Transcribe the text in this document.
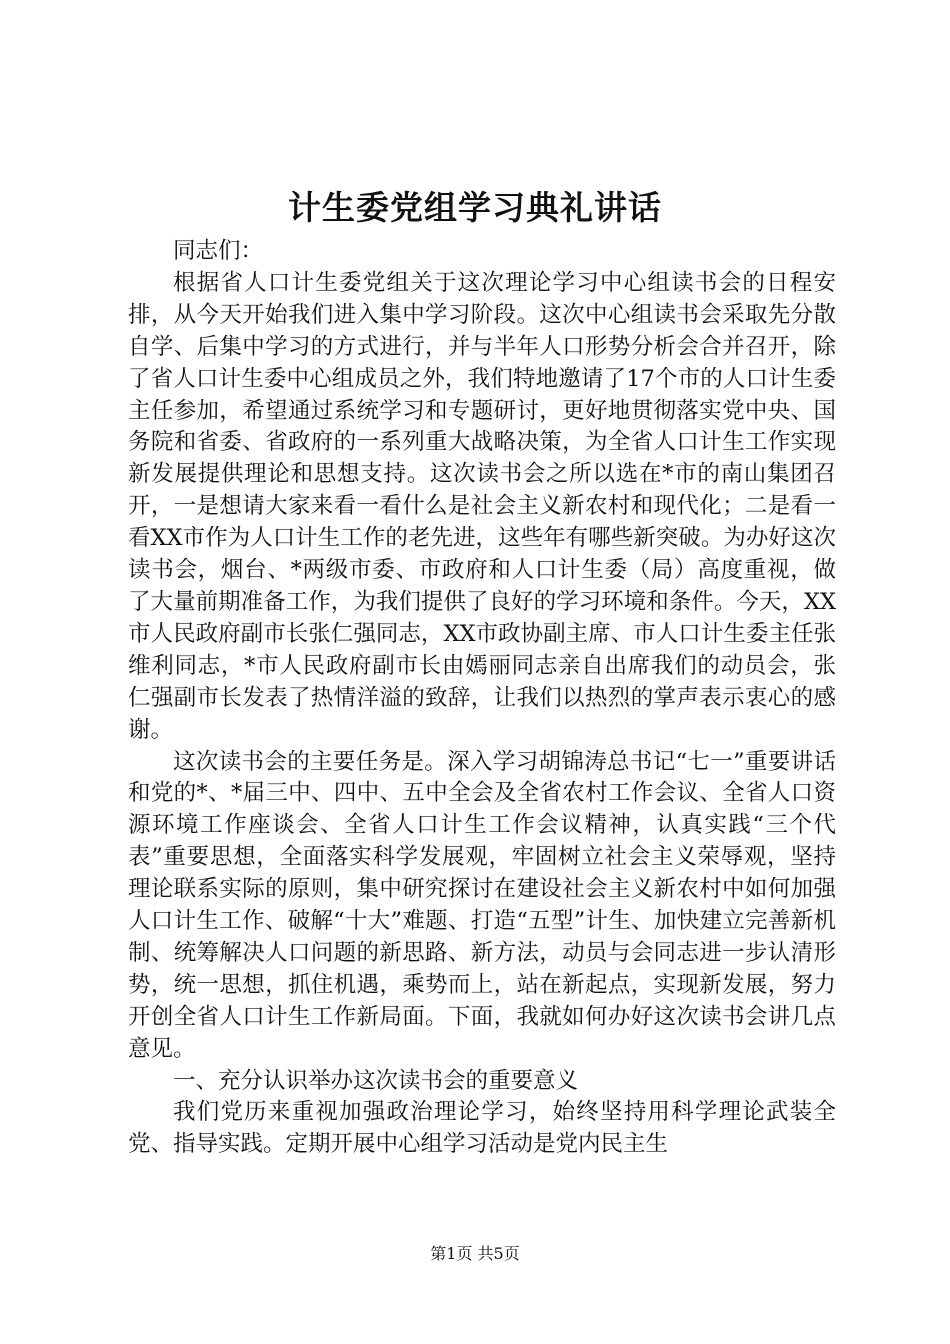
计生委党组学习典礼讲话

同志们：

根据省人口计生委党组关于这次理论学习中心组读书会的日程安排，从今天开始我们进入集中学习阶段。这次中心组读书会采取先分散自学、后集中学习的方式进行，并与半年人口形势分析会合并召开，除了省人口计生委中心组成员之外，我们特地邀请了17个市的人口计生委主任参加，希望通过系统学习和专题研讨，更好地贯彻落实党中央、国务院和省委、省政府的一系列重大战略决策，为全省人口计生工作实现新发展提供理论和思想支持。这次读书会之所以选在*市的南山集团召开，一是想请大家来看一看什么是社会主义新农村和现代化；二是看一看XX市作为人口计生工作的老先进，这些年有哪些新突破。为办好这次读书会，烟台、*两级市委、市政府和人口计生委（局）高度重视，做了大量前期准备工作，为我们提供了良好的学习环境和条件。今天，XX市人民政府副市长张仁强同志，XX市政协副主席、市人口计生委主任张维利同志，*市人民政府副市长由嫣丽同志亲自出席我们的动员会，张仁强副市长发表了热情洋溢的致辞，让我们以热烈的掌声表示衷心的感谢。

这次读书会的主要任务是。深入学习胡锦涛总书记“七一”重要讲话和党的*、*届三中、四中、五中全会及全省农村工作会议、全省人口资源环境工作座谈会、全省人口计生工作会议精神，认真实践“三个代表”重要思想，全面落实科学发展观，牢固树立社会主义荣辱观，坚持理论联系实际的原则，集中研究探讨在建设社会主义新农村中如何加强人口计生工作、破解“十大”难题、打造“五型”计生、加快建立完善新机制、统筹解决人口问题的新思路、新方法，动员与会同志进一步认清形势，统一思想，抓住机遇，乘势而上，站在新起点，实现新发展，努力开创全省人口计生工作新局面。下面，我就如何办好这次读书会讲几点意见。

一、充分认识举办这次读书会的重要意义

我们党历来重视加强政治理论学习，始终坚持用科学理论武装全党、指导实践。定期开展中心组学习活动是党内民主生

第1页 共5页
